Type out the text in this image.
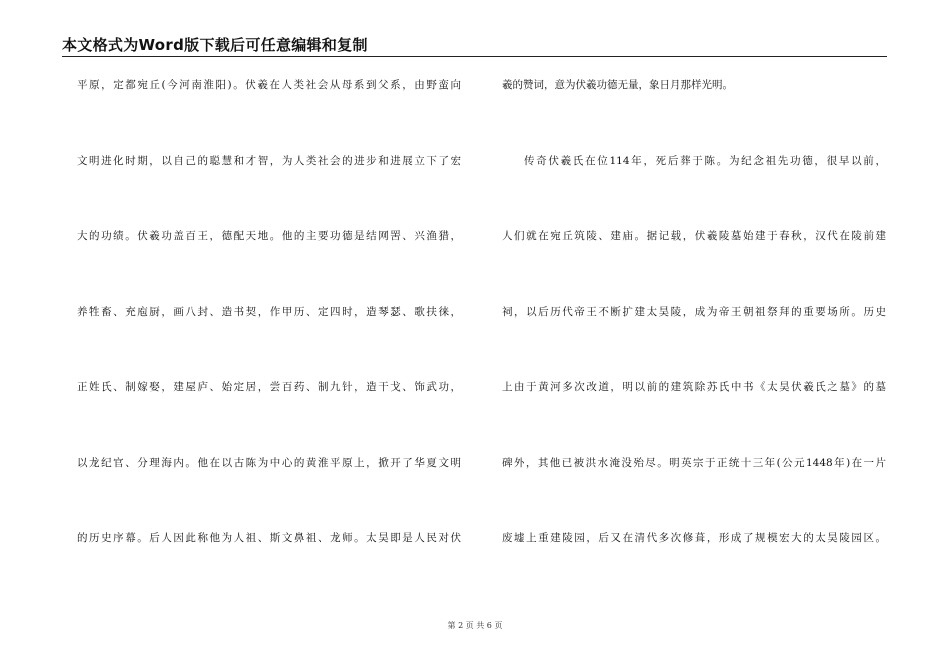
本文格式为Word版下载后可任意编辑和复制
平原，定都宛丘(今河南淮阳)。伏羲在人类社会从母系到父系，由野蛮向
文明进化时期，以自己的聪慧和才智，为人类社会的进步和进展立下了宏
大的功绩。伏羲功盖百王，德配天地。他的主要功德是结网罟、兴渔猎，
养牲畜、充庖厨，画八封、造书契，作甲历、定四时，造琴瑟、歌扶徕，
正姓氏、制嫁娶，建屋庐、始定居，尝百药、制九针，造干戈、饰武功，
以龙纪官、分理海内。他在以古陈为中心的黄淮平原上，掀开了华夏文明
的历史序幕。后人因此称他为人祖、斯文鼻祖、龙师。太昊即是人民对伏
羲的赞词，意为伏羲功德无量，象日月那样光明。
传奇伏羲氏在位114年，死后葬于陈。为纪念祖先功德，很早以前，
人们就在宛丘筑陵、建庙。据记载，伏羲陵墓始建于春秋，汉代在陵前建
祠，以后历代帝王不断扩建太昊陵，成为帝王朝祖祭拜的重要场所。历史
上由于黄河多次改道，明以前的建筑除苏氏中书《太昊伏羲氏之墓》的墓
碑外，其他已被洪水淹没殆尽。明英宗于正统十三年(公元1448年)在一片
废墟上重建陵园，后又在清代多次修葺，形成了规模宏大的太昊陵园区。
第 2 页 共 6 页
